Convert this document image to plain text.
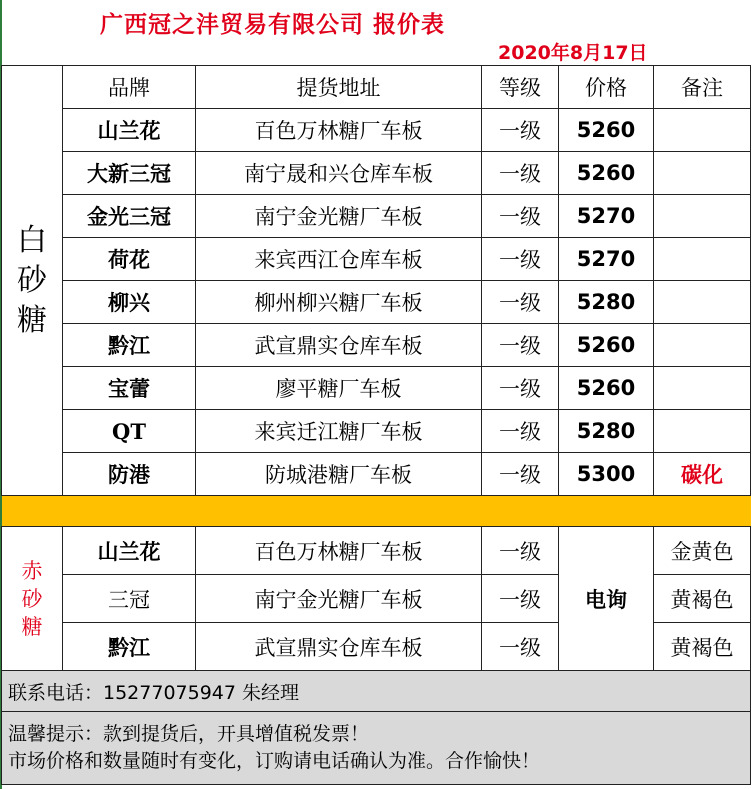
广西冠之沣贸易有限公司 报价表
2020年8月17日
白
砂
糖	品牌	提货地址	等级	价格	备注
	山兰花	百色万林糖厂车板	一级	5260	
	大新三冠	南宁晟和兴仓库车板	一级	5260	
	金光三冠	南宁金光糖厂车板	一级	5270	
	荷花	来宾西江仓库车板	一级	5270	
	柳兴	柳州柳兴糖厂车板	一级	5280	
	黔江	武宣鼎实仓库车板	一级	5260	
	宝蕾	廖平糖厂车板	一级	5260	
	QT	来宾迁江糖厂车板	一级	5280	
	防港	防城港糖厂车板	一级	5300	碳化

赤
砂
糖	山兰花	百色万林糖厂车板	一级	电询	金黄色
	三冠	南宁金光糖厂车板	一级		黄褐色
	黔江	武宣鼎实仓库车板	一级		黄褐色
联系电话：15277075947 朱经理					

温馨提示：款到提货后，开具增值税发票！
市场价格和数量随时有变化，订购请电话确认为准。合作愉快！					
